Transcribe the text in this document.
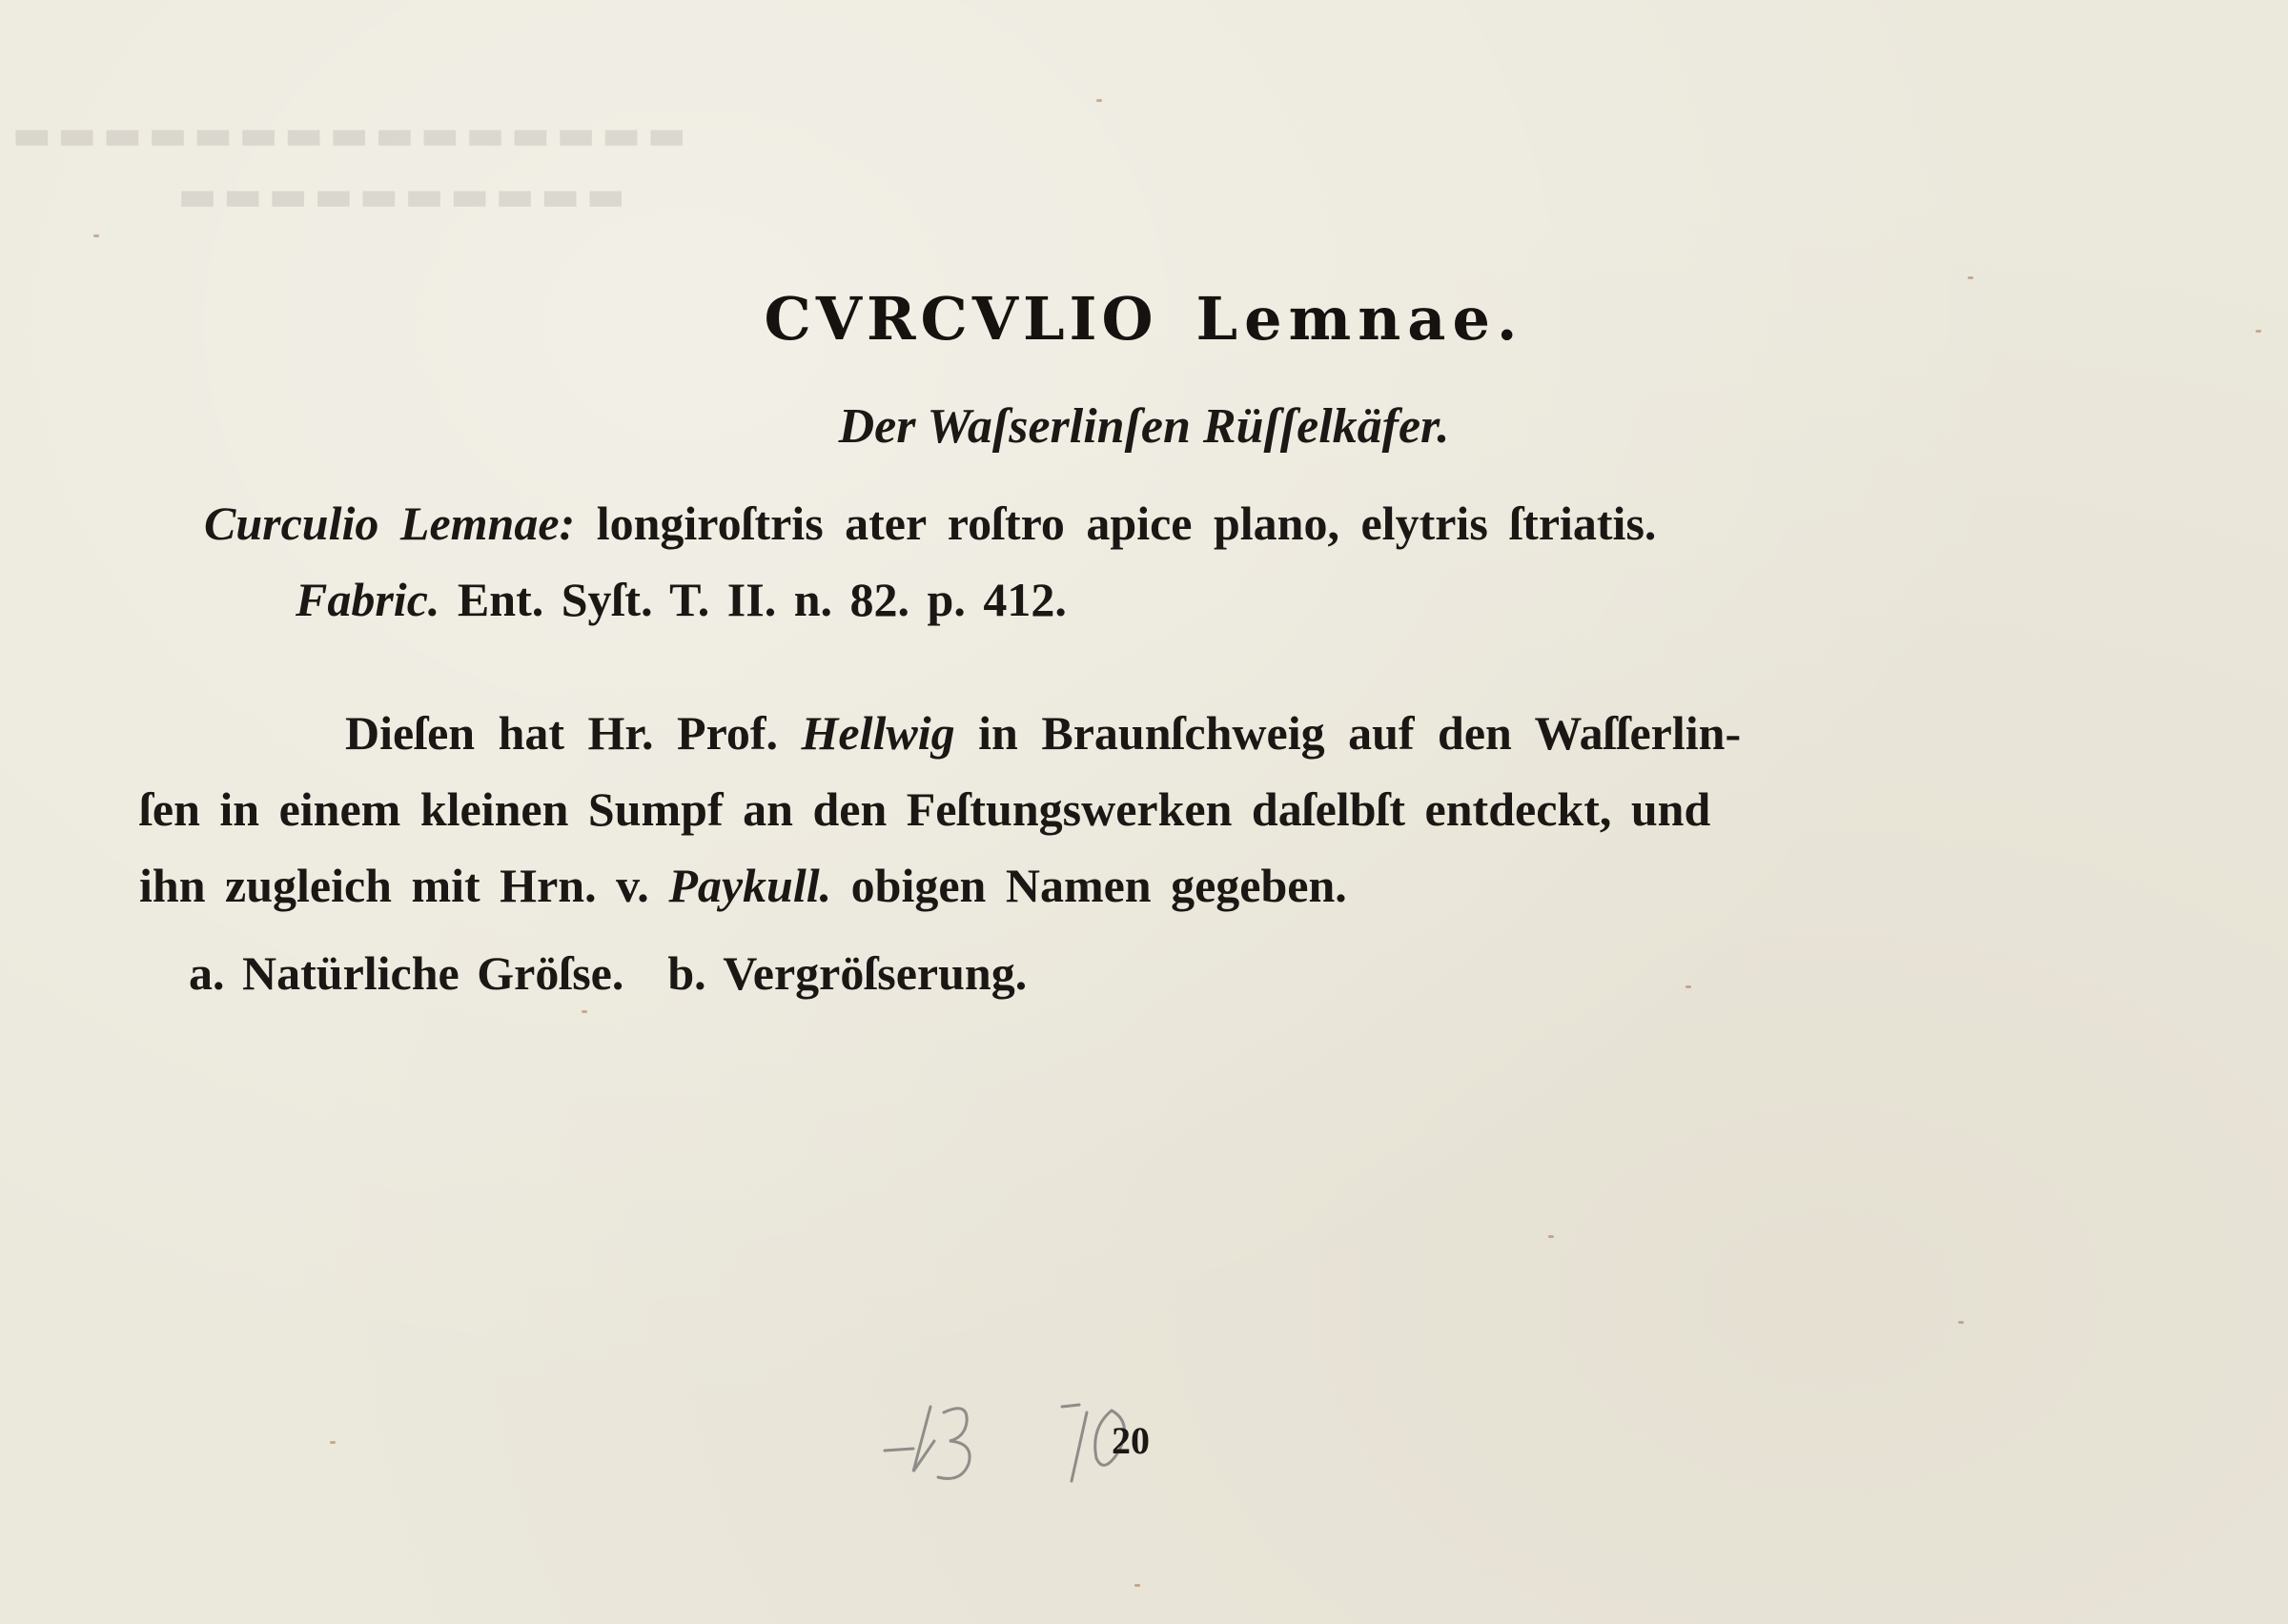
▬▬▬▬▬▬▬▬▬▬▬▬▬▬▬
▬▬▬▬▬▬▬▬▬▬
CVRCVLIO Lemnae.
Der Waſserlinſen Rüſſelkäfer.
Curculio Lemnae: longiroſtris ater roſtro apice plano, elytris ſtriatis.
Fabric. Ent. Syſt. T. II. n. 82. p. 412.
Dieſen hat Hr. Prof. Hellwig in Braunſchweig auf den Waſſerlin-
ſen in einem kleinen Sumpf an den Feſtungswerken daſelbſt entdeckt, und
ihn zugleich mit Hrn. v. Paykull. obigen Namen gegeben.
a. Natürliche Gröſse. b. Vergröſserung.
20
